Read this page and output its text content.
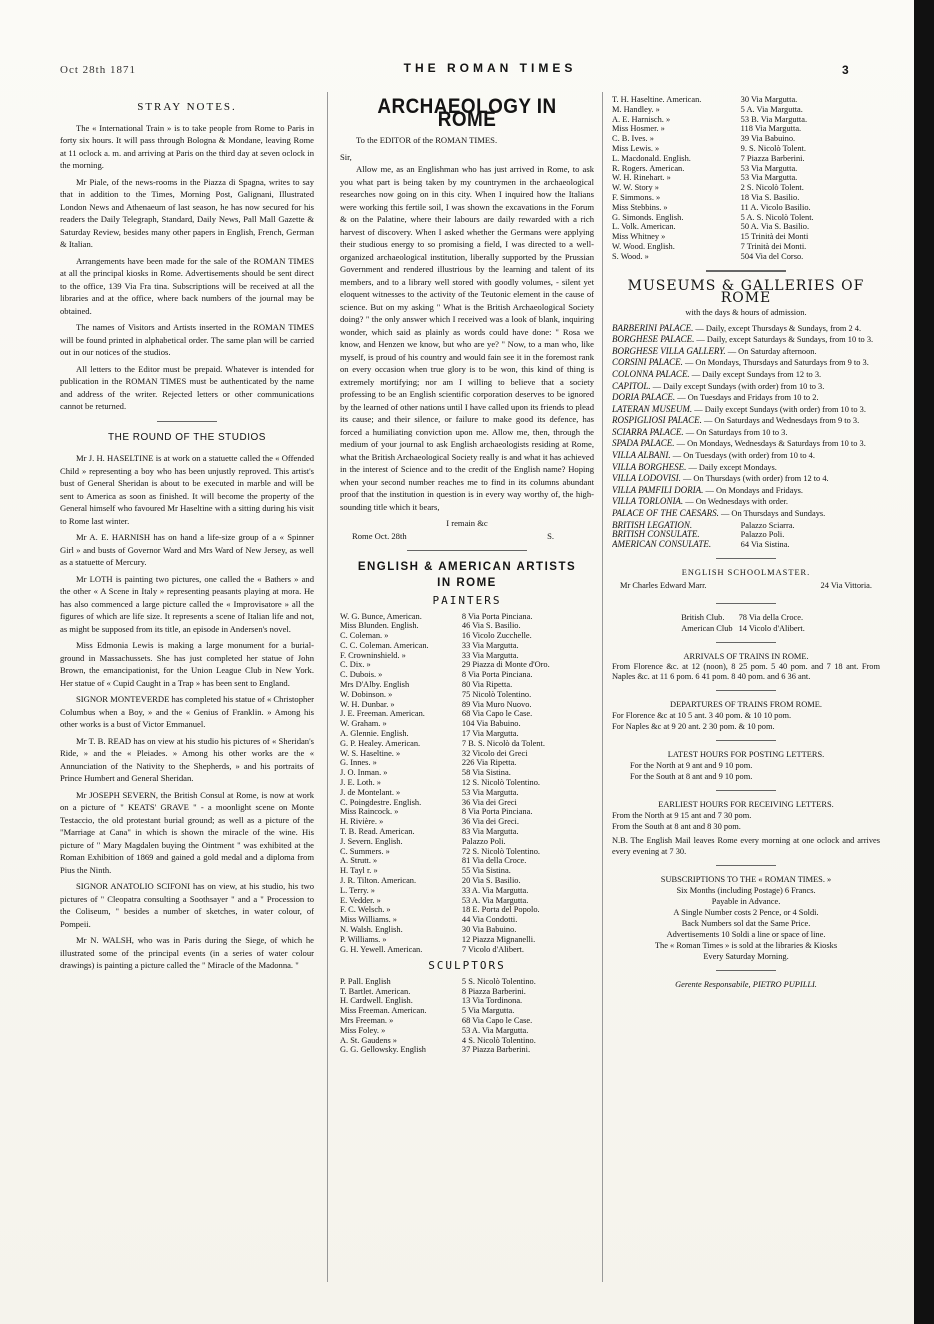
Oct 28th 1871	THE ROMAN TIMES	3
STRAY NOTES.

The « International Train » is to take people from Rome to Paris in forty six hours. It will pass through Bologna & Mondane, leaving Rome at 11 oclock a. m. and arriving at Paris on the third day at seven oclock in the morning.

Mr Piale, of the news-rooms in the Piazza di Spagna, writes to say that in addition to the Times, Morning Post, Galignani, Illustrated London News and Athenaeum of last season, he has now secured for his readers the Daily Telegraph, Standard, Daily News, Pall Mall Gazette & Saturday Review, besides many other papers in English, French, German & Italian.

Arrangements have been made for the sale of the ROMAN TIMES at all the principal kiosks in Rome. Advertisements should be sent direct to the office, 139 Via Fra tina. Subscriptions will be received at all the libraries and at the office, where back numbers of the journal may be obtained.

The names of Visitors and Artists inserted in the ROMAN TIMES will be found printed in alphabetical order. The same plan will be carried out in our notices of the studios.

All letters to the Editor must be prepaid. Whatever is intended for publication in the ROMAN TIMES must be authenticated by the name and address of the writer. Rejected letters or other communications cannot be returned.

THE ROUND OF THE STUDIOS

Mr J. H. HASELTINE is at work on a statuette called the « Offended Child » representing a boy who has been unjustly reproved. This artist's bust of General Sheridan is about to be executed in marble and will be sent to America as soon as finished. It will become the property of the General himself who favoured Mr Haseltine with a sitting during his visit to Rome last winter.

Mr A. E. HARNISH has on hand a life-size group of a « Spinner Girl » and busts of Governor Ward and Mrs Ward of New Jersey, as well as a statuette of Mercury.

Mr LOTH is painting two pictures, one called the « Bathers » and the other « A Scene in Italy » representing peasants playing at mora. He has also commenced a large picture called the « Improvisatore » all the figures of which are life size. It represents a scene of Italian life and not, as might be supposed from its title, an episode in Andersen's novel.

Miss Edmonia Lewis is making a large monument for a burial-ground in Massachussets. She has just completed her statue of John Brown, the emancipationist, for the Union League Club in New York. Her statue of « Cupid Caught in a Trap » has been sent to England.

SIGNOR MONTEVERDE has completed his statue of « Christopher Columbus when a Boy, » and the « Genius of Franklin. » Among his other works is a bust of Victor Emmanuel.

Mr T. B. READ has on view at his studio his pictures of « Sheridan's Ride, » and the « Pleiades. » Among his other works are the « Annunciation of the Nativity to the Shepherds, » and his portraits of Prince Humbert and General Sheridan.

Mr JOSEPH SEVERN, the British Consul at Rome, is now at work on a picture of " KEATS' GRAVE " - a moonlight scene on Monte Testaccio, the old protestant burial ground; as well as a picture of the "Marriage at Cana" in which is shown the miracle of the wine. His picture of " Mary Magdalen buying the Ointment " was exhibited at the Roman Exhibition of 1869 and gained a gold medal and a diploma from Pius the Ninth.

SIGNOR ANATOLIO SCIFONI has on view, at his studio, his two pictures of " Cleopatra consulting a Soothsayer " and a " Procession to the Coliseum, " besides a number of sketches, in water colour, of Pompeii.

Mr N. WALSH, who was in Paris during the Siege, of which he illustrated some of the principal events (in a series of water colour drawings) is painting a picture called the " Miracle of the Madonna. "

ARCHAEOLOGY IN ROME

To the EDITOR of the ROMAN TIMES.

Sir,

Allow me, as an Englishman who has just arrived in Rome, to ask you what part is being taken by my countrymen in the archaeological researches now going on in this city. When I inquired how the Italians were working this fertile soil, I was shown the excavations in the Forum & on the Palatine, where their labours are daily rewarded with a rich harvest of discovery. When I asked whether the Germans were applying their studious energy to so promising a field, I was directed to a well-organized archaeological institution, liberally supported by the Prussian Government and rendered illustrious by the learning and talent of its members, and to a library well stored with goodly volumes, - silent yet eloquent witnesses to the activity of the Teutonic element in the cause of science. But on my asking " What is the British Archaeological Society doing? " the only answer which I received was a look of blank, inquiring wonder, which said as plainly as words could have done: " Rosa we know, and Henzen we know, but who are ye? " Now, to a man who, like myself, is proud of his country and would fain see it in the foremost rank on every occasion when true glory is to be won, this kind of thing is extremely mortifying; nor am I willing to believe that a society professing to be an English scientific corporation deserves to be ignored by the learned of other nations until I have called upon its friends to plead its cause; and their silence, or failure to make good its defence, has forced a humiliating conviction upon me. Allow me, then, through the medium of your journal to ask English archaeologists residing at Rome, what the British Archaeological Society really is and what it has achieved in the interest of Science and to the credit of the English name? Hoping when your second number reaches me to find in its columns abundant proof that the institution in question is in every way worthy of, the high-sounding title which it bears,

I remain &c
Rome Oct. 28th	S.
ENGLISH & AMERICAN ARTISTS
IN ROME
PAINTERS
W. G. Bunce, American.	8 Via Porta Pinciana.
Miss Blunden. English.	46 Via S. Basilio.
C. Coleman. »	16 Vicolo Zucchelle.
C. C. Coleman. American.	33 Via Margutta.
F. Crowninshield. »	33 Via Margutta.
C. Dix. »	29 Piazza di Monte d'Oro.
C. Dubois. »	8 Via Porta Pinciana.
Mrs D'Alby. English	80 Via Ripetta.
W. Dobinson. »	75 Nicolò Tolentino.
W. H. Dunbar. »	89 Via Muro Nuovo.
J. E. Freeman. American.	68 Via Capo le Case.
W. Graham. »	104 Via Babuino.
A. Glennie. English.	17 Via Margutta.
G. P. Healey. American.	7 B. S. Nicolò da Tolent.
W. S. Haseltine. »	32 Vicolo dei Greci
G. Innes. »	226 Via Ripetta.
J. O. Inman. »	58 Via Sistina.
J. E. Loth. »	12 S. Nicolò Tolentino.
J. de Montelant. »	53 Via Margutta.
C. Poingdestre. English.	36 Via dei Greci
Miss Raincock. »	8 Via Porta Pinciana.
H. Rivière. »	36 Via dei Greci.
T. B. Read. American.	83 Via Margutta.
J. Severn. English.	Palazzo Poli.
C. Summers. »	72 S. Nicolò Tolentino.
A. Strutt. »	81 Via della Croce.
H. Tayl r. »	55 Via Sistina.
J. R. Tilton. American.	20 Via S. Basilio.
L. Terry. »	33 A. Via Margutta.
E. Vedder. »	53 A. Via Margutta.
F. C. Welsch. »	18 E. Porta del Popolo.
Miss Williams. »	44 Via Condotti.
N. Walsh. English.	30 Via Babuino.
P. Williams. »	12 Piazza Mignanelli.
G. H. Yewell. American.	7 Vicolo d'Alibert.
SCULPTORS
P. Pall. English	5 S. Nicolò Tolentino.
T. Bartlet. American.	8 Piazza Barberini.
H. Cardwell. English.	13 Via Tordinona.
Miss Freeman. American.	5 Via Margutta.
Mrs Freeman. »	68 Via Capo le Case.
Miss Foley. »	53 A. Via Margutta.
A. St. Gaudens »	4 S. Nicolò Tolentino.
G. G. Gellowsky. English	37 Piazza Barberini.
T. H. Haseltine. American.	30 Via Margutta.
M. Handley. »	5 A. Via Margutta.
A. E. Harnisch. »	53 B. Via Margutta.
Miss Hosmer. »	118 Via Margutta.
C. B. Ives. »	39 Via Babuino.
Miss Lewis. »	9. S. Nicolò Tolent.
L. Macdonald. English.	7 Piazza Barberini.
R. Rogers. American.	53 Via Margutta.
W. H. Rinehart. »	53 Via Margutta.
W. W. Story »	2 S. Nicolò Tolent.
F. Simmons. »	18 Via S. Basilio.
Miss Stebbins. »	11 A. Vicolo Basilio.
G. Simonds. English.	5 A. S. Nicolò Tolent.
L. Volk. American.	50 A. Via S. Basilio.
Miss Whitney »	15 Trinità dei Monti
W. Wood. English.	7 Trinità dei Monti.
S. Wood. »	504 Via del Corso.
MUSEUMS & GALLERIES OF ROME
with the days & hours of admission.
BARBERINI PALACE. — Daily, except Thursdays & Sundays, from 2 4.
BORGHESE PALACE. — Daily, except Saturdays & Sundays, from 10 to 3.
BORGHESE VILLA GALLERY. — On Saturday afternoon.
CORSINI PALACE. — On Mondays, Thursdays and Saturdays from 9 to 3.
COLONNA PALACE. — Daily except Sundays from 12 to 3.
CAPITOL. — Daily except Sundays (with order) from 10 to 3.
DORIA PALACE. — On Tuesdays and Fridays from 10 to 2.
LATERAN MUSEUM. — Daily except Sundays (with order) from 10 to 3.
ROSPIGLIOSI PALACE. — On Saturdays and Wednesdays from 9 to 3.
SCIARRA PALACE. — On Saturdays from 10 to 3.
SPADA PALACE. — On Mondays, Wednesdays & Saturdays from 10 to 3.
VILLA ALBANI. — On Tuesdays (with order) from 10 to 4.
VILLA BORGHESE. — Daily except Mondays.
VILLA LODOVISI. — On Thursdays (with order) from 12 to 4.
VILLA PAMFILI DORIA. — On Mondays and Fridays.
VILLA TORLONIA. — On Wednesdays with order.
PALACE OF THE CAESARS. — On Thursdays and Sundays.
BRITISH LEGATION.	Palazzo Sciarra.
BRITISH CONSULATE.	Palazzo Poli.
AMERICAN CONSULATE.	64 Via Sistina.
ENGLISH SCHOOLMASTER.
Mr Charles Edward Marr.	24 Via Vittoria.
British Club.	78 Via della Croce.
American Club	14 Vicolo d'Alibert.
ARRIVALS OF TRAINS IN ROME.
From Florence &c. at 12 (noon), 8 25 pom. 5 40 pom. and 7 18 ant. From Naples &c. at 11 6 pom. 6 41 pom. 8 40 pom. and 6 36 ant.
DEPARTURES OF TRAINS FROM ROME.
For Florence &c at 10 5 ant. 3 40 pom. & 10 10 pom.
For Naples &c at 9 20 ant. 2 30 pom. & 10 pom.
LATEST HOURS FOR POSTING LETTERS.
For the North at 9 ant and 9 10 pom.
For the South at 8 ant and 9 10 pom.
EARLIEST HOURS FOR RECEIVING LETTERS.
From the North at 9 15 ant and 7 30 pom.
From the South at 8 ant and 8 30 pom.
N.B. The English Mail leaves Rome every morning at one oclock and arrives every evening at 7 30.
SUBSCRIPTIONS TO THE « ROMAN TIMES. »
Six Months (including Postage) 6 Francs.
Payable in Advance.
A Single Number costs 2 Pence, or 4 Soldi.
Back Numbers sol dat the Same Price.
Advertisements 10 Soldi a line or space of line.
The « Roman Times » is sold at the libraries & Kiosks
Every Saturday Morning.
Gerente Responsabile, PIETRO PUPILLI.
